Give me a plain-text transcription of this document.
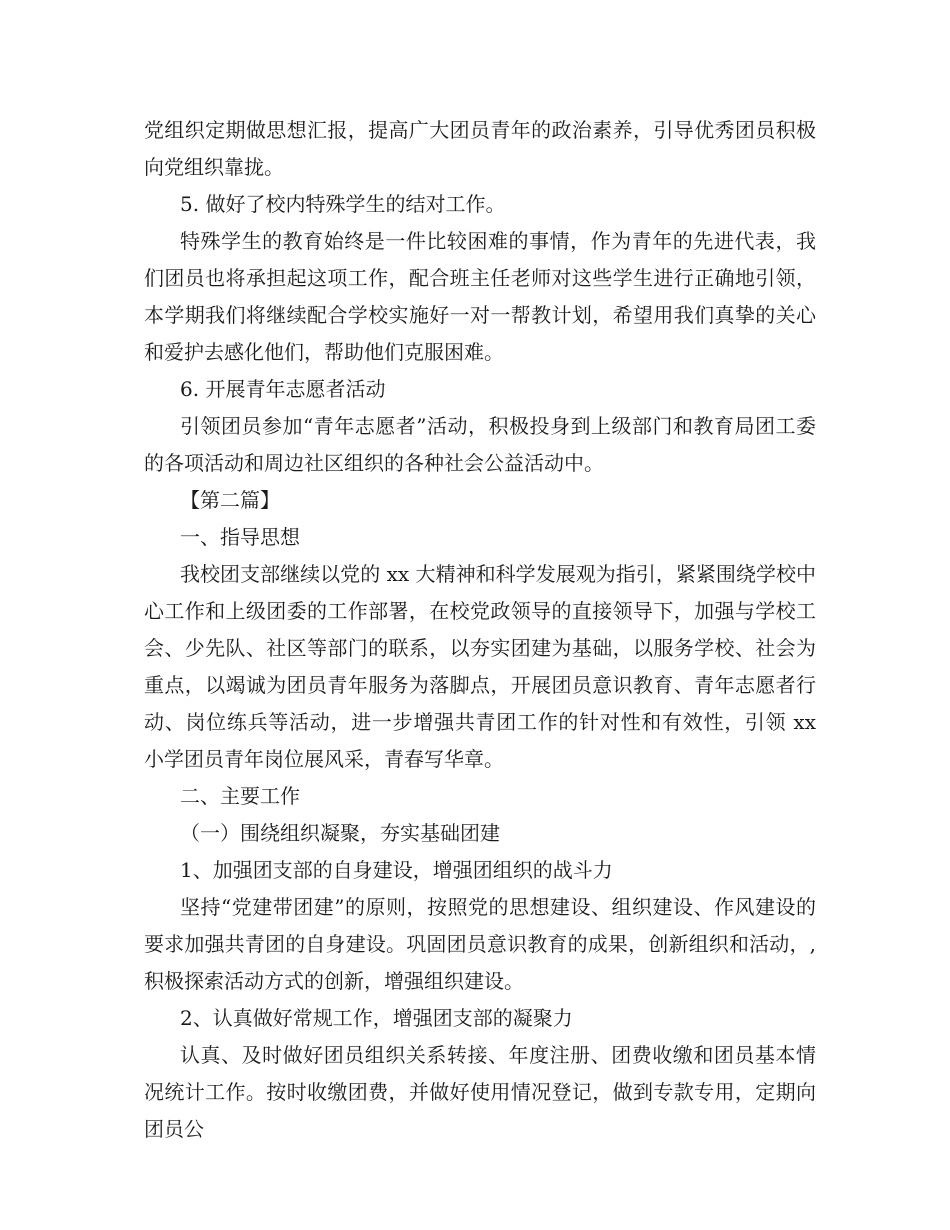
党组织定期做思想汇报，提高广大团员青年的政治素养，引导优秀团员积极向党组织靠拢。

5. 做好了校内特殊学生的结对工作。

特殊学生的教育始终是一件比较困难的事情，作为青年的先进代表，我们团员也将承担起这项工作，配合班主任老师对这些学生进行正确地引领，本学期我们将继续配合学校实施好一对一帮教计划，希望用我们真挚的关心和爱护去感化他们，帮助他们克服困难。

6. 开展青年志愿者活动

引领团员参加“青年志愿者”活动，积极投身到上级部门和教育局团工委的各项活动和周边社区组织的各种社会公益活动中。

【第二篇】

一、指导思想

我校团支部继续以党的 xx 大精神和科学发展观为指引，紧紧围绕学校中心工作和上级团委的工作部署，在校党政领导的直接领导下，加强与学校工会、少先队、社区等部门的联系，以夯实团建为基础，以服务学校、社会为重点，以竭诚为团员青年服务为落脚点，开展团员意识教育、青年志愿者行动、岗位练兵等活动，进一步增强共青团工作的针对性和有效性，引领 xx 小学团员青年岗位展风采，青春写华章。

二、主要工作

（一）围绕组织凝聚，夯实基础团建

1、加强团支部的自身建设，增强团组织的战斗力

坚持“党建带团建”的原则，按照党的思想建设、组织建设、作风建设的要求加强共青团的自身建设。巩固团员意识教育的成果，创新组织和活动，, 积极探索活动方式的创新，增强组织建设。

2、认真做好常规工作，增强团支部的凝聚力

认真、及时做好团员组织关系转接、年度注册、团费收缴和团员基本情况统计工作。按时收缴团费，并做好使用情况登记，做到专款专用，定期向团员公
